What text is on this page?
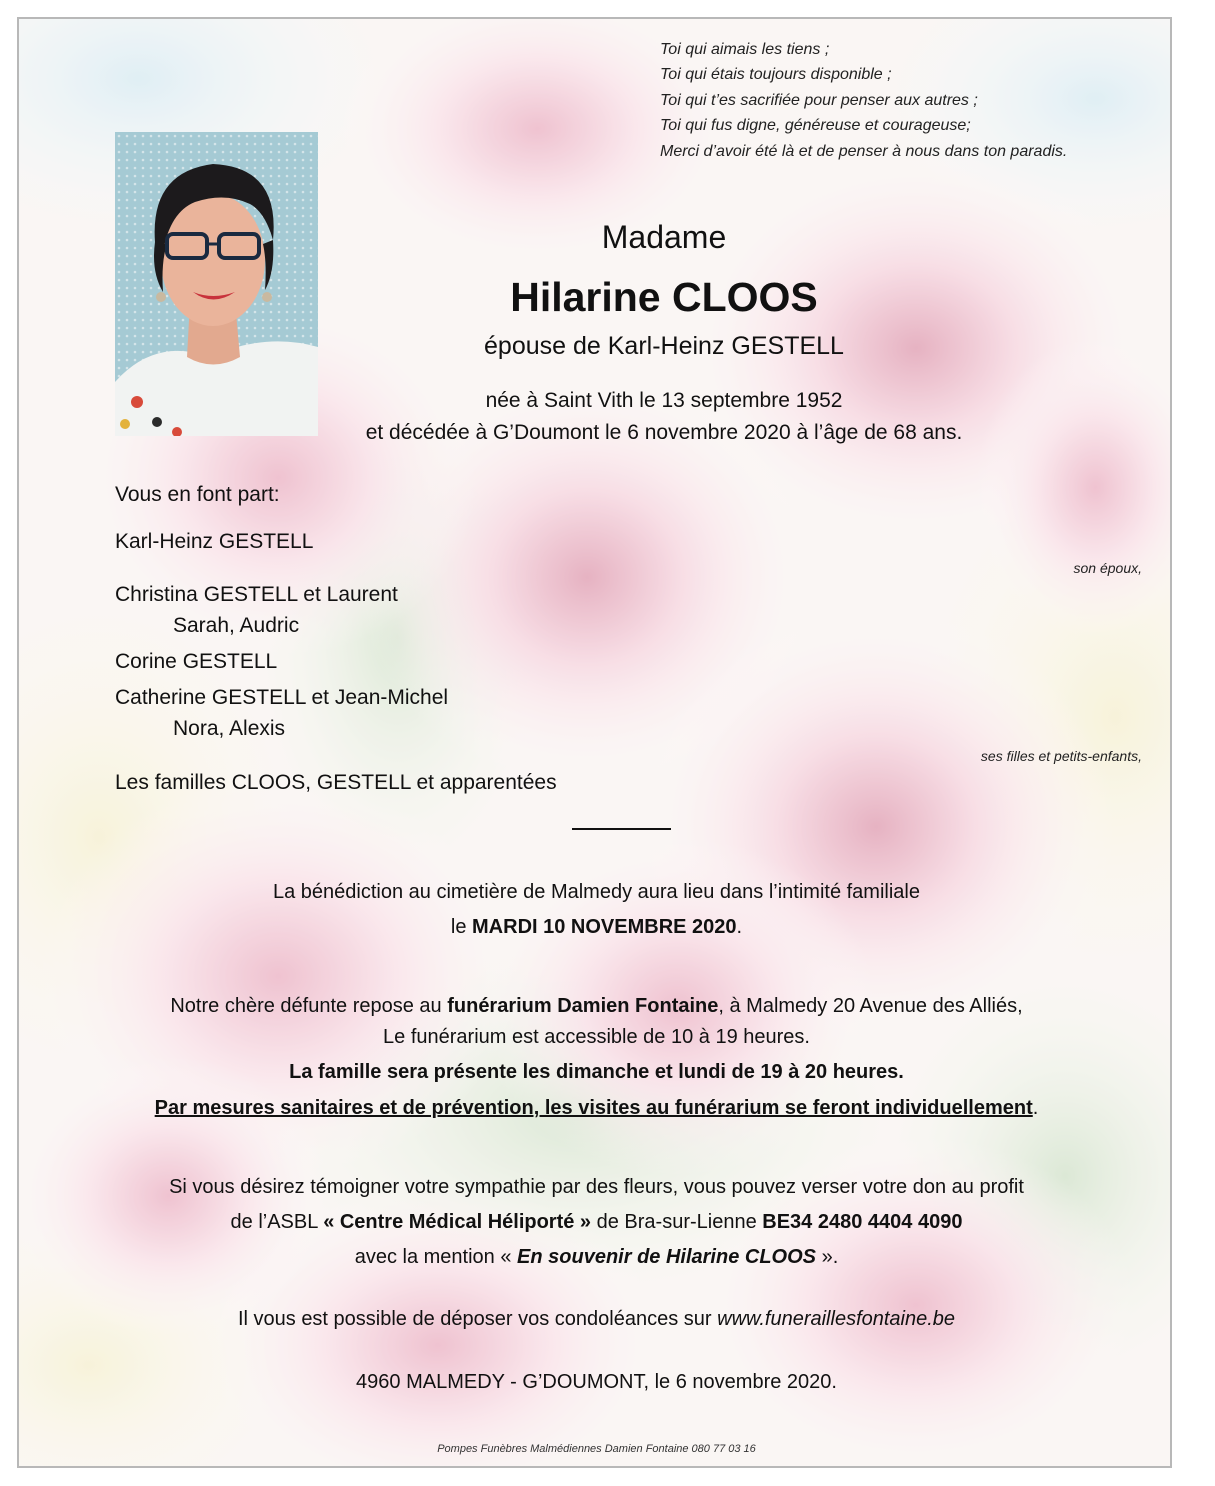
Toi qui aimais les tiens ;
Toi qui étais toujours disponible ;
Toi qui t’es sacrifiée pour penser aux autres ;
Toi qui fus digne, généreuse et courageuse;
Merci d’avoir été là et de penser à nous dans ton paradis.
Madame
Hilarine CLOOS
épouse de Karl-Heinz GESTELL
née à Saint Vith le 13 septembre 1952
et décédée à G’Doumont le 6 novembre 2020 à l’âge de 68 ans.
Vous en font part:
Karl-Heinz GESTELL
son époux,
Christina GESTELL et Laurent
Sarah, Audric
Corine GESTELL
Catherine GESTELL et Jean-Michel
Nora, Alexis
ses filles et petits-enfants,
Les familles CLOOS, GESTELL et apparentées
La bénédiction au cimetière de Malmedy aura lieu dans l’intimité familiale
le MARDI 10 NOVEMBRE 2020.
Notre chère défunte repose au funérarium Damien Fontaine, à Malmedy 20 Avenue des Alliés,
Le funérarium est accessible de 10 à 19 heures.
La famille sera présente les dimanche et lundi de 19 à 20 heures.
Par mesures sanitaires et de prévention, les visites au funérarium se feront individuellement.
Si vous désirez témoigner votre sympathie par des fleurs, vous pouvez verser votre don au profit
de l’ASBL « Centre Médical Héliporté » de Bra-sur-Lienne BE34 2480 4404 4090
avec la mention « En souvenir de Hilarine CLOOS ».
Il vous est possible de déposer vos condoléances sur www.funeraillesfontaine.be
4960 MALMEDY - G’DOUMONT, le 6 novembre 2020.
Pompes Funèbres Malmédiennes Damien Fontaine 080 77 03 16
